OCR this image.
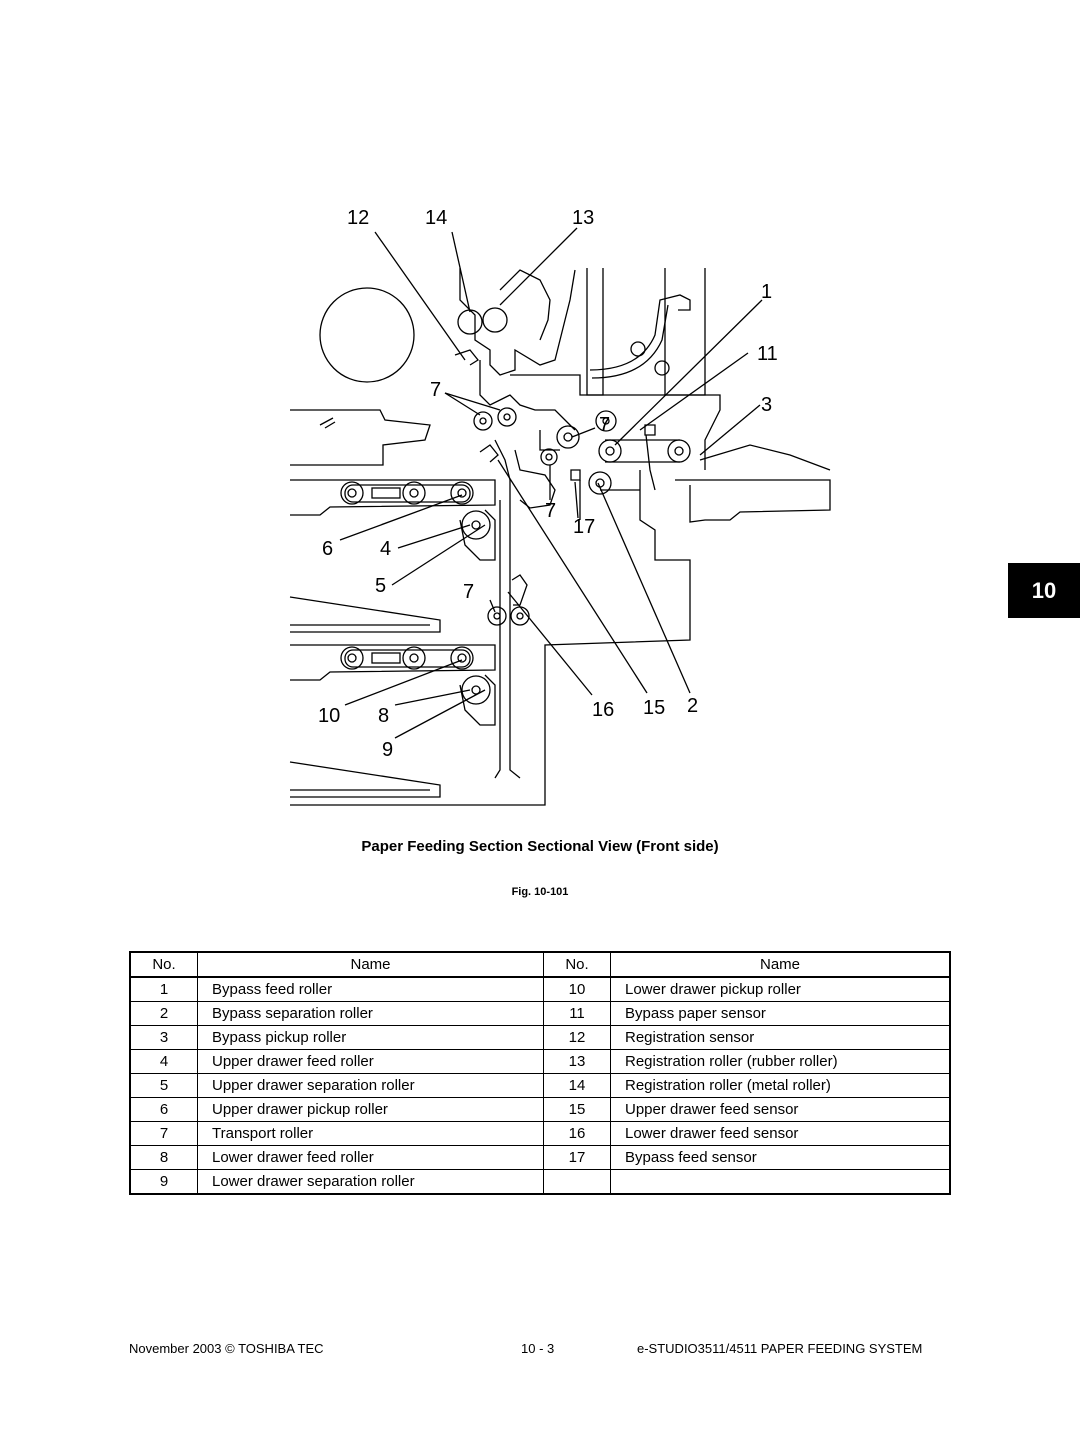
10
12	14	13
1
11
7
3
7
7
17
6 4
5	7
10 8	16 15 2
9
Paper Feeding Section Sectional View (Front side)
Fig. 10-101
No.	Name	No.	Name
1	Bypass feed roller	10	Lower drawer pickup roller
2	Bypass separation roller	11	Bypass paper sensor
3	Bypass pickup roller	12	Registration sensor
4	Upper drawer feed roller	13	Registration roller (rubber roller)
5	Upper drawer separation roller	14	Registration roller (metal roller)
6	Upper drawer pickup roller	15	Upper drawer feed sensor
7	Transport roller	16	Lower drawer feed sensor
8	Lower drawer feed roller	17	Bypass feed sensor
9	Lower drawer separation roller		
November 2003 © TOSHIBA TEC	10 - 3	e-STUDIO3511/4511 PAPER FEEDING SYSTEM
